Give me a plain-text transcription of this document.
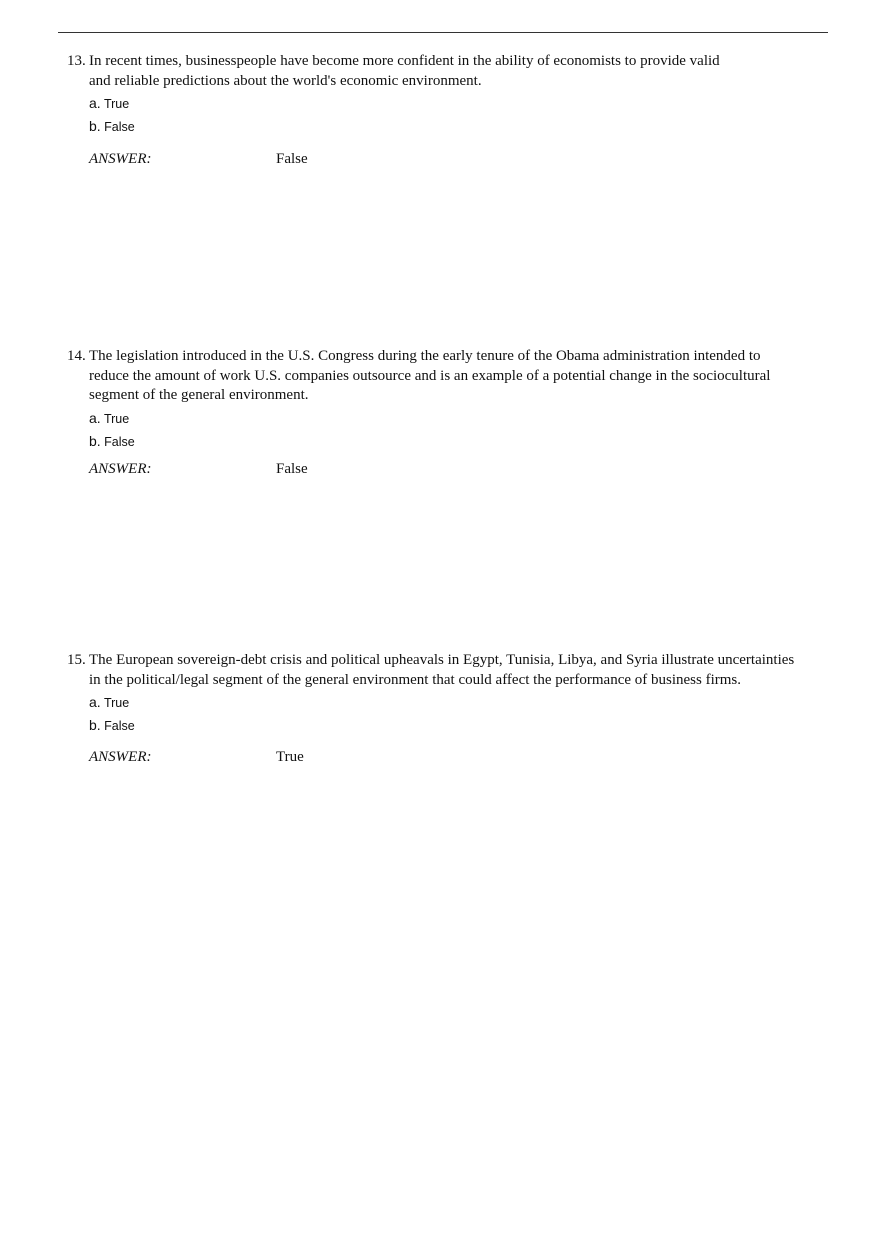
13. In recent times, businesspeople have become more confident in the ability of economists to provide valid
and reliable predictions about the world's economic environment.
a. True
b. False
ANSWER:	False
14. The legislation introduced in the U.S. Congress during the early tenure of the Obama administration intended to
reduce the amount of work U.S. companies outsource and is an example of a potential change in the sociocultural
segment of the general environment.
a. True
b. False
ANSWER:	False
15. The European sovereign-debt crisis and political upheavals in Egypt, Tunisia, Libya, and Syria illustrate uncertainties
in the political/legal segment of the general environment that could affect the performance of business firms.
a. True
b. False
ANSWER:	True
